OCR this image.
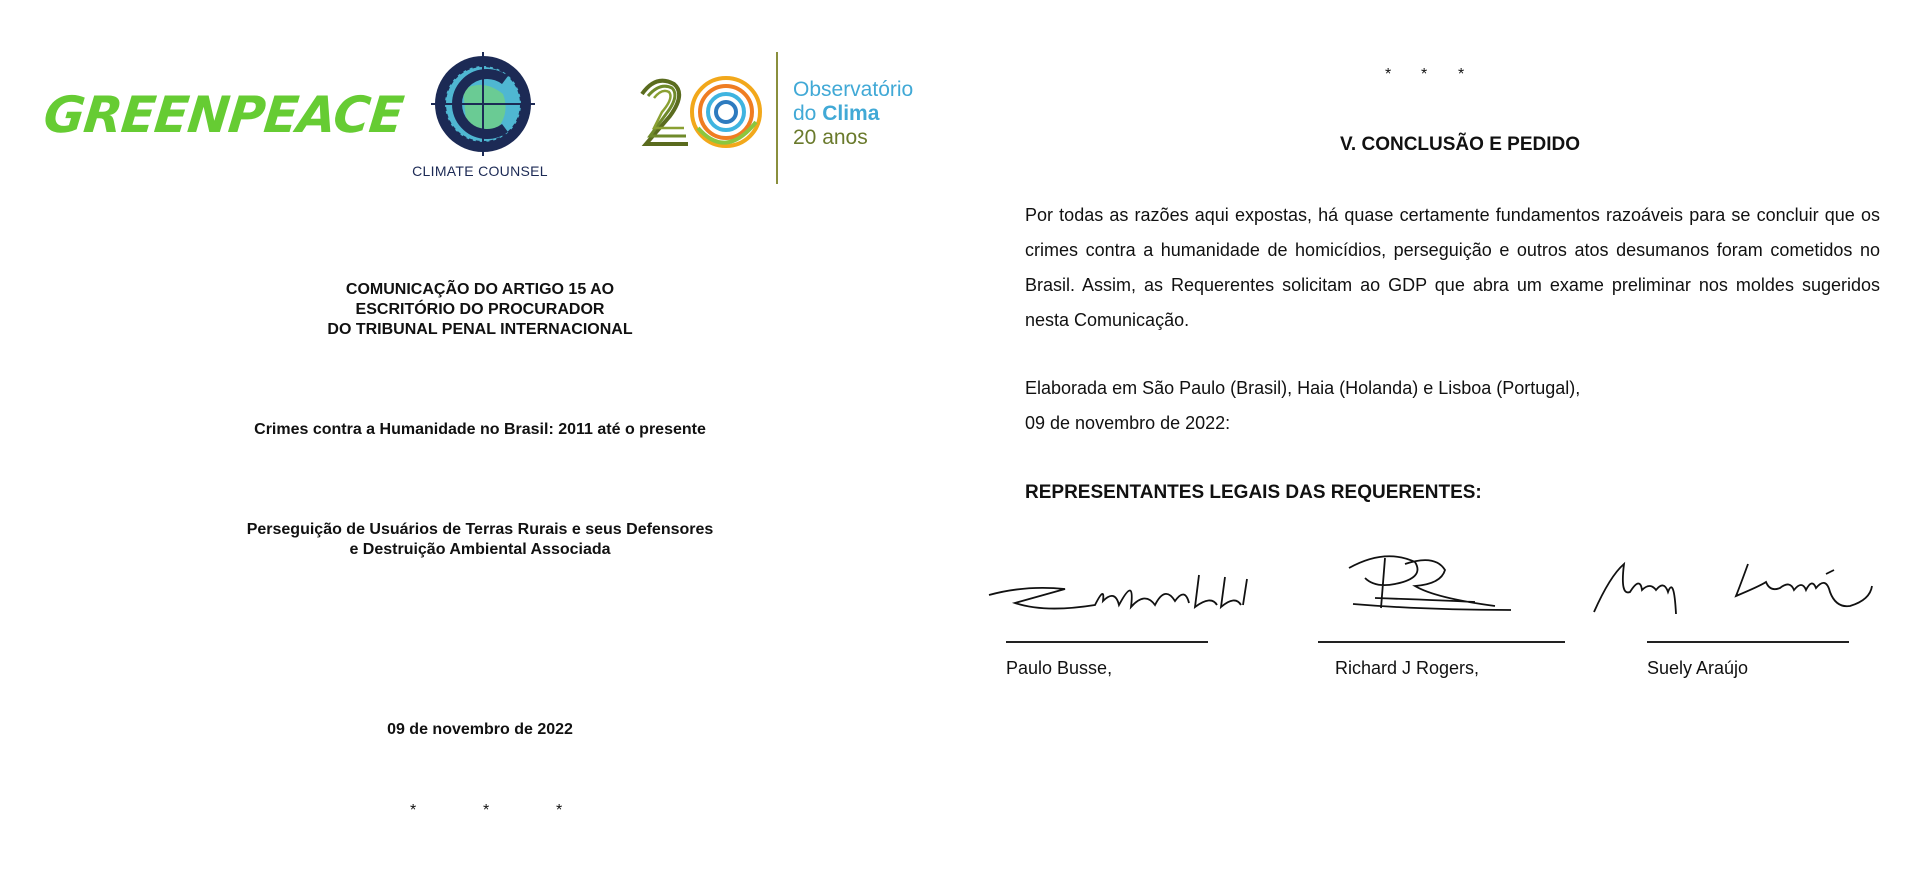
GREENPEACE
CLIMATE COUNSEL
Observatório
do Clima
20 anos
COMUNICAÇÃO DO ARTIGO 15 AO
ESCRITÓRIO DO PROCURADOR
DO TRIBUNAL PENAL INTERNACIONAL
Crimes contra a Humanidade no Brasil: 2011 até o presente
Perseguição de Usuários de Terras Rurais e seus Defensores
e Destruição Ambiental Associada
09 de novembro de 2022
*	*	*
* * *
V. CONCLUSÃO E PEDIDO
Por todas as razões aqui expostas, há quase certamente fundamentos razoáveis para se concluir que os crimes contra a humanidade de homicídios, perseguição e outros atos desumanos foram cometidos no Brasil. Assim, as Requerentes solicitam ao GDP que abra um exame preliminar nos moldes sugeridos nesta Comunicação.
Elaborada em São Paulo (Brasil), Haia (Holanda) e Lisboa (Portugal),
09 de novembro de 2022:
REPRESENTANTES LEGAIS DAS REQUERENTES:
Paulo Busse,	Richard J Rogers,	Suely Araújo
